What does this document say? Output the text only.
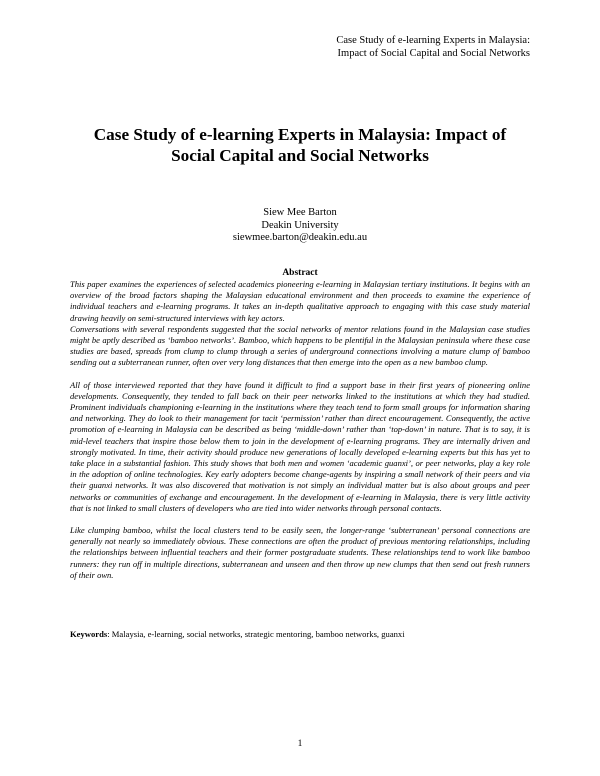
Case Study of e-learning Experts in Malaysia:
Impact of Social Capital and Social Networks
Case Study of e-learning Experts in Malaysia: Impact of
Social Capital and Social Networks
Siew Mee Barton
Deakin University
siewmee.barton@deakin.edu.au
Abstract

This paper examines the experiences of selected academics pioneering e-learning in Malaysian tertiary institutions. It begins with an overview of the broad factors shaping the Malaysian educational environment and then proceeds to examine the experience of individual teachers and e-learning programs. It takes an in-depth qualitative approach to engaging with this case study material drawing heavily on semi-structured interviews with key actors.

Conversations with several respondents suggested that the social networks of mentor relations found in the Malaysian case studies might be aptly described as ‘bamboo networks’. Bamboo, which happens to be plentiful in the Malaysian peninsula where these case studies are based, spreads from clump to clump through a series of underground connections involving a mature clump of bamboo sending out a subterranean runner, often over very long distances that then emerge into the open as a new bamboo clump.

All of those interviewed reported that they have found it difficult to find a support base in their first years of pioneering online developments. Consequently, they tended to fall back on their peer networks linked to the institutions at which they had studied. Prominent individuals championing e-learning in the institutions where they teach tend to form small groups for information sharing and networking. They do look to their management for tacit ‘permission’ rather than direct encouragement. Consequently, the active promotion of e-learning in Malaysia can be described as being ‘middle-down’ rather than ‘top-down’ in nature. That is to say, it is mid-level teachers that inspire those below them to join in the development of e-learning programs. They are internally driven and strongly motivated. In time, their activity should produce new generations of locally developed e-learning experts but this has yet to take place in a substantial fashion. This study shows that both men and women ‘academic guanxi’, or peer networks, play a key role in the adoption of online technologies. Key early adopters become change-agents by inspiring a small network of their peers and via their guanxi networks. It was also discovered that motivation is not simply an individual matter but is also about groups and peer networks or communities of exchange and encouragement. In the development of e-learning in Malaysia, there is very little activity that is not linked to small clusters of developers who are tied into wider networks through personal contacts.

Like clumping bamboo, whilst the local clusters tend to be easily seen, the longer-range ‘subterranean’ personal connections are generally not nearly so immediately obvious. These connections are often the product of previous mentoring relationships, including the relationships between influential teachers and their former postgraduate students. These relationships tend to work like bamboo runners: they run off in multiple directions, subterranean and unseen and then throw up new clumps that then send out fresh runners of their own.

Keywords: Malaysia, e-learning, social networks, strategic mentoring, bamboo networks, guanxi
1
